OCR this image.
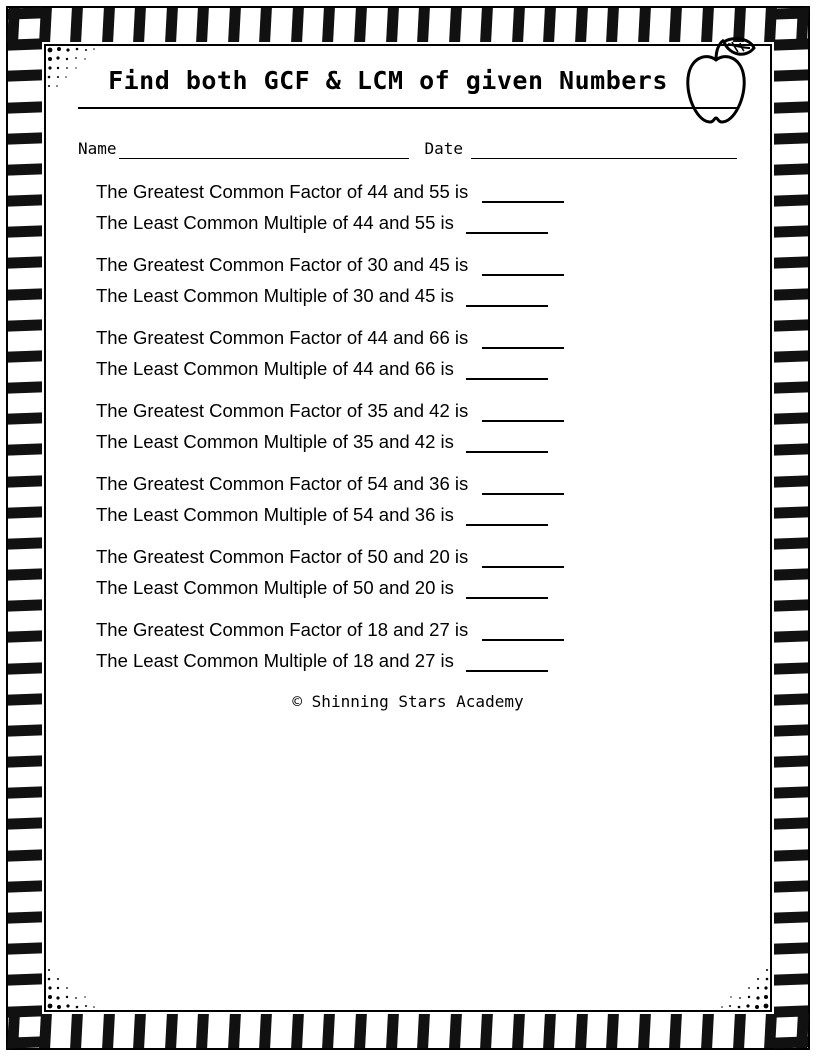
Find both GCF & LCM of given Numbers
Name	Date
The Greatest Common Factor of 44 and 55 is
The Least Common Multiple of 44 and 55 is
The Greatest Common Factor of 30 and 45 is
The Least Common Multiple of 30 and 45 is
The Greatest Common Factor of 44 and 66 is
The Least Common Multiple of 44 and 66 is
The Greatest Common Factor of 35 and 42 is
The Least Common Multiple of 35 and 42 is
The Greatest Common Factor of 54 and 36 is
The Least Common Multiple of 54 and 36 is
The Greatest Common Factor of 50 and 20 is
The Least Common Multiple of 50 and 20 is
The Greatest Common Factor of 18 and 27 is
The Least Common Multiple of 18 and 27 is
© Shinning Stars Academy
